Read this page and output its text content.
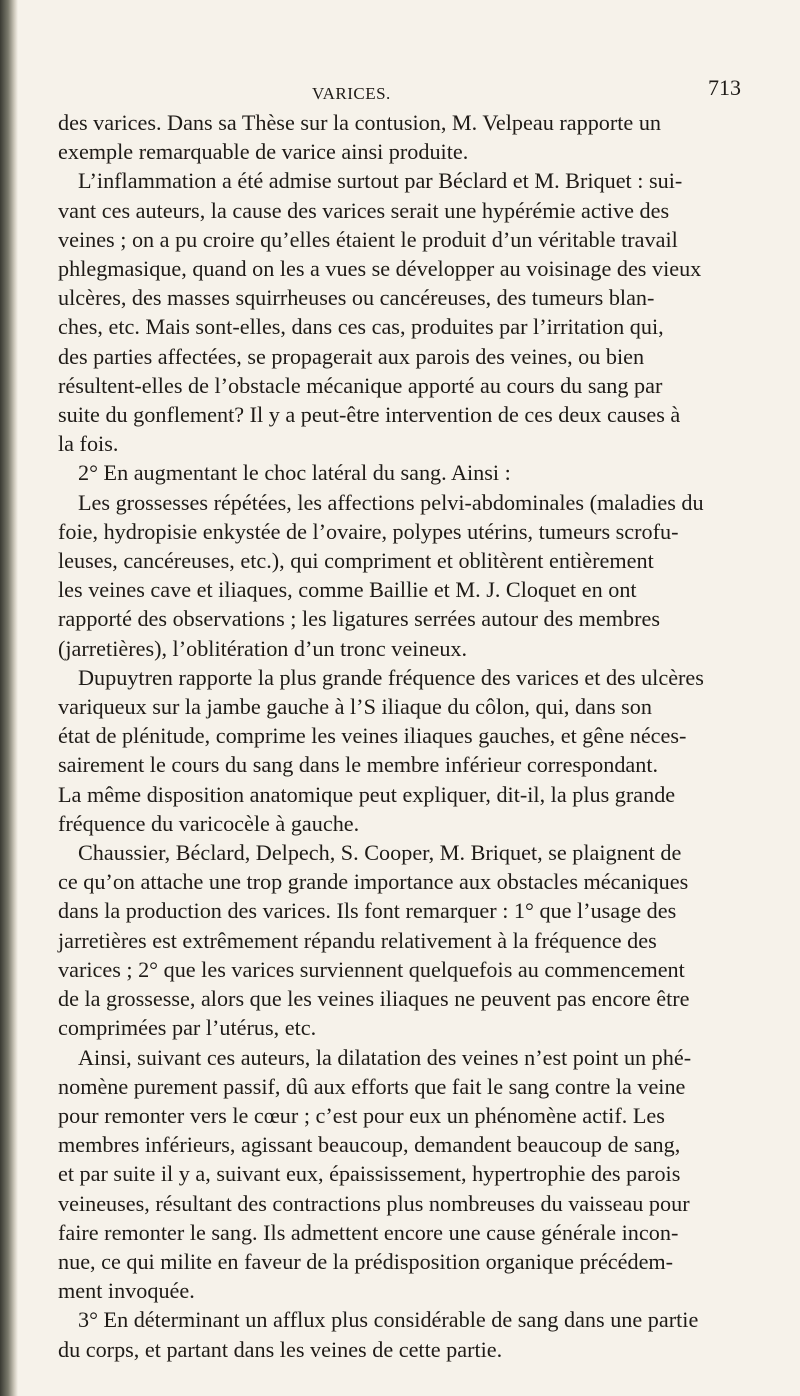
VARICES.	713

des varices. Dans sa Thèse sur la contusion, M. Velpeau rapporte un
exemple remarquable de varice ainsi produite.

L’inflammation a été admise surtout par Béclard et M. Briquet : sui-
vant ces auteurs, la cause des varices serait une hypérémie active des
veines ; on a pu croire qu’elles étaient le produit d’un véritable travail
phlegmasique, quand on les a vues se développer au voisinage des vieux
ulcères, des masses squirrheuses ou cancéreuses, des tumeurs blan-
ches, etc. Mais sont-elles, dans ces cas, produites par l’irritation qui,
des parties affectées, se propagerait aux parois des veines, ou bien
résultent-elles de l’obstacle mécanique apporté au cours du sang par
suite du gonflement? Il y a peut-être intervention de ces deux causes à
la fois.

2° En augmentant le choc latéral du sang. Ainsi :

Les grossesses répétées, les affections pelvi-abdominales (maladies du
foie, hydropisie enkystée de l’ovaire, polypes utérins, tumeurs scrofu-
leuses, cancéreuses, etc.), qui compriment et oblitèrent entièrement
les veines cave et iliaques, comme Baillie et M. J. Cloquet en ont
rapporté des observations ; les ligatures serrées autour des membres
(jarretières), l’oblitération d’un tronc veineux.

Dupuytren rapporte la plus grande fréquence des varices et des ulcères
variqueux sur la jambe gauche à l’S iliaque du côlon, qui, dans son
état de plénitude, comprime les veines iliaques gauches, et gêne néces-
sairement le cours du sang dans le membre inférieur correspondant.
La même disposition anatomique peut expliquer, dit-il, la plus grande
fréquence du varicocèle à gauche.

Chaussier, Béclard, Delpech, S. Cooper, M. Briquet, se plaignent de
ce qu’on attache une trop grande importance aux obstacles mécaniques
dans la production des varices. Ils font remarquer : 1° que l’usage des
jarretières est extrêmement répandu relativement à la fréquence des
varices ; 2° que les varices surviennent quelquefois au commencement
de la grossesse, alors que les veines iliaques ne peuvent pas encore être
comprimées par l’utérus, etc.

Ainsi, suivant ces auteurs, la dilatation des veines n’est point un phé-
nomène purement passif, dû aux efforts que fait le sang contre la veine
pour remonter vers le cœur ; c’est pour eux un phénomène actif. Les
membres inférieurs, agissant beaucoup, demandent beaucoup de sang,
et par suite il y a, suivant eux, épaississement, hypertrophie des parois
veineuses, résultant des contractions plus nombreuses du vaisseau pour
faire remonter le sang. Ils admettent encore une cause générale incon-
nue, ce qui milite en faveur de la prédisposition organique précédem-
ment invoquée.

3° En déterminant un afflux plus considérable de sang dans une partie
du corps, et partant dans les veines de cette partie.
